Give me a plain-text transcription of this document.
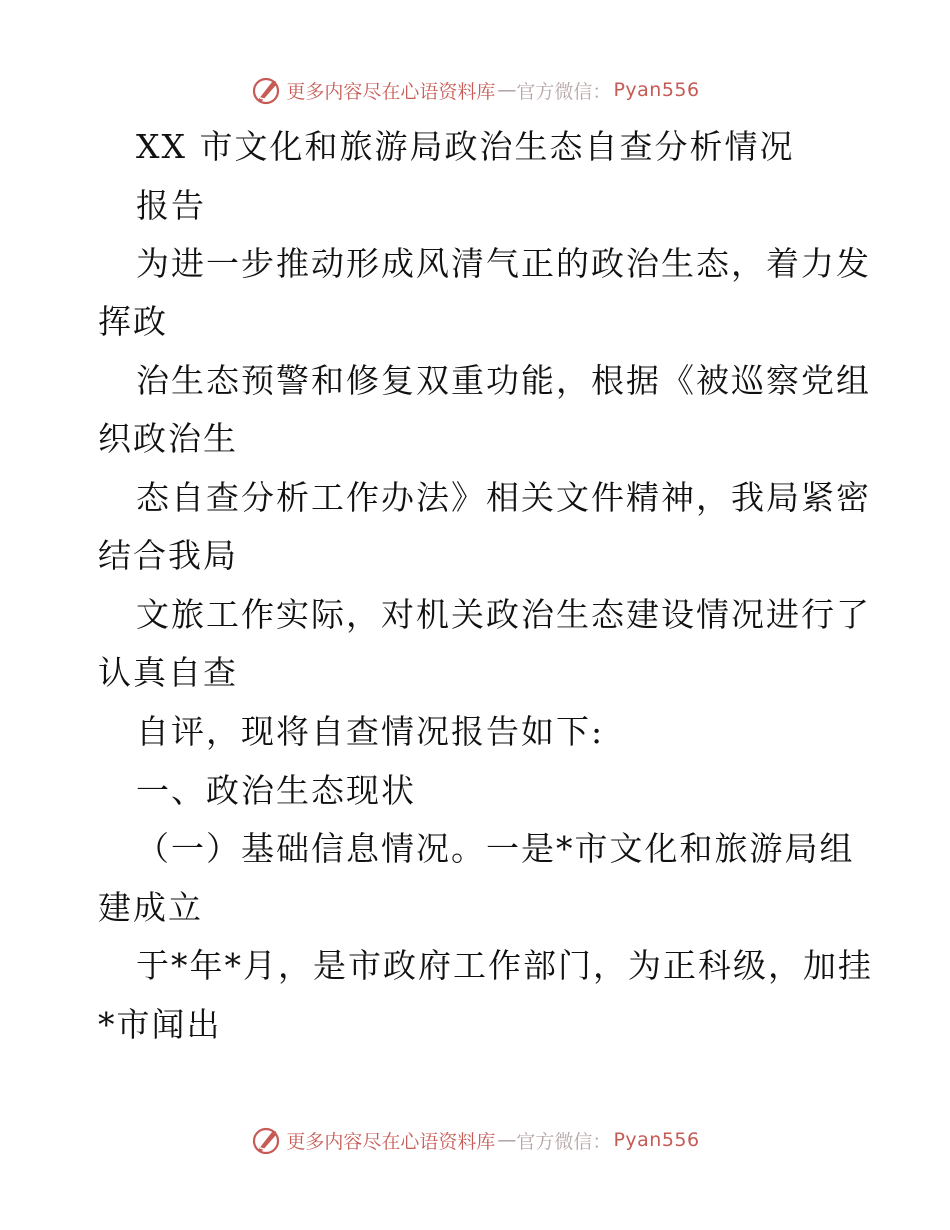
更多内容尽在心语资料库 — 官方微信： Pyan556
XX 市文化和旅游局政治生态自查分析情况
报告
为进一步推动形成风清气正的政治生态，着力发
挥政
治生态预警和修复双重功能，根据《被巡察党组
织政治生
态自查分析工作办法》相关文件精神，我局紧密
结合我局
文旅工作实际，对机关政治生态建设情况进行了
认真自查
自评，现将自查情况报告如下:
一、政治生态现状
（一）基础信息情况。一是*市文化和旅游局组
建成立
于*年*月，是市政府工作部门，为正科级，加挂
*市闻出
更多内容尽在心语资料库 — 官方微信： Pyan556
